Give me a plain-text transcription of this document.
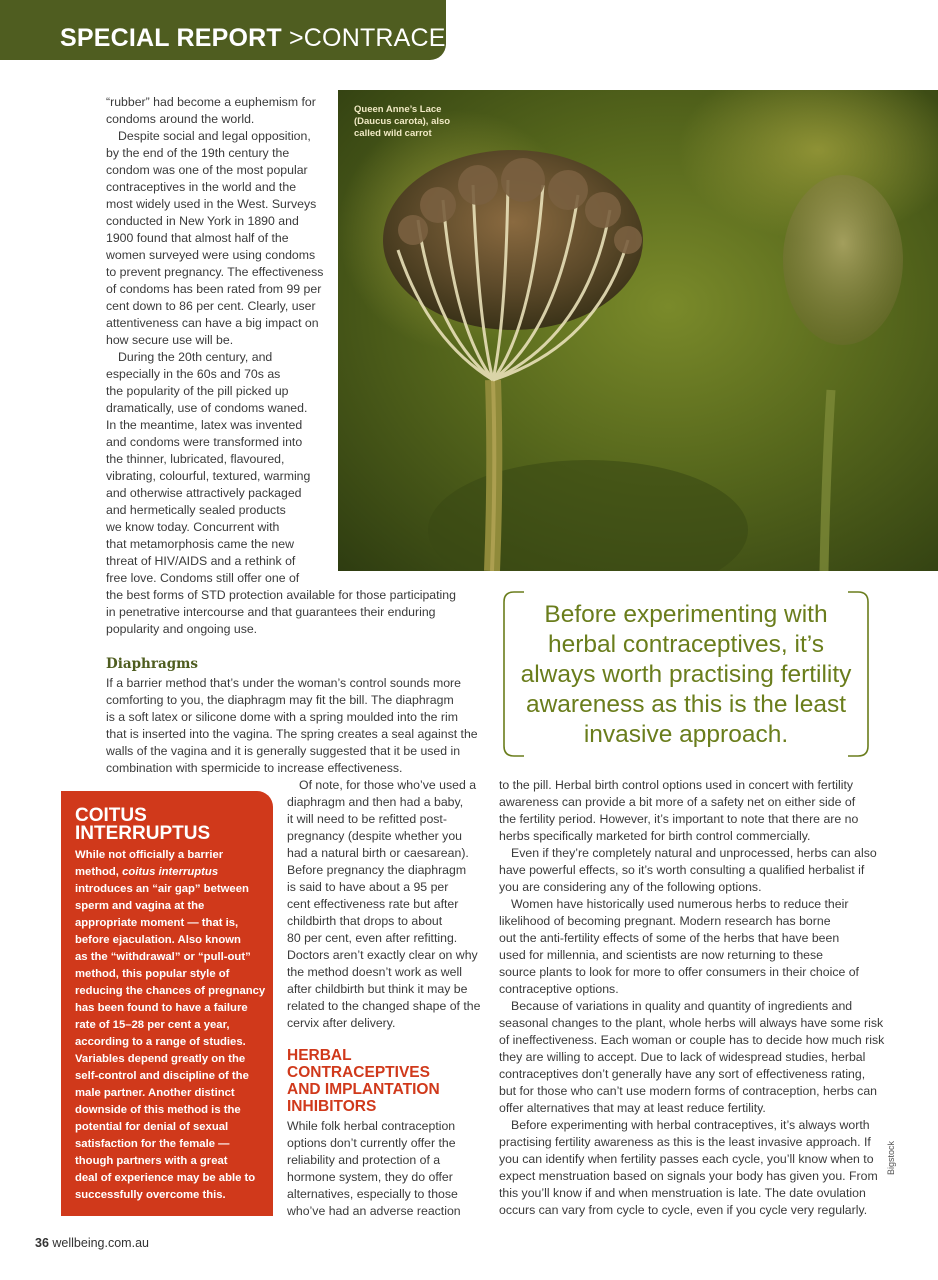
SPECIAL REPORT >CONTRACEPTION
Queen Anne’s Lace
(Daucus carota), also
called wild carrot
“rubber” had become a euphemism for
condoms around the world.
Despite social and legal opposition,
by the end of the 19th century the
condom was one of the most popular
contraceptives in the world and the
most widely used in the West. Surveys
conducted in New York in 1890 and
1900 found that almost half of the
women surveyed were using condoms
to prevent pregnancy. The effectiveness
of condoms has been rated from 99 per
cent down to 86 per cent. Clearly, user
attentiveness can have a big impact on
how secure use will be.
During the 20th century, and
especially in the 60s and 70s as
the popularity of the pill picked up
dramatically, use of condoms waned.
In the meantime, latex was invented
and condoms were transformed into
the thinner, lubricated, flavoured,
vibrating, colourful, textured, warming
and otherwise attractively packaged
and hermetically sealed products
we know today. Concurrent with
that metamorphosis came the new
threat of HIV/AIDS and a rethink of
free love. Condoms still offer one of
the best forms of STD protection available for those participating
in penetrative intercourse and that guarantees their enduring
popularity and ongoing use.
Diaphragms
If a barrier method that’s under the woman’s control sounds more
comforting to you, the diaphragm may fit the bill. The diaphragm
is a soft latex or silicone dome with a spring moulded into the rim
that is inserted into the vagina. The spring creates a seal against the
walls of the vagina and it is generally suggested that it be used in
combination with spermicide to increase effectiveness.
Before experimenting with
herbal contraceptives, it’s
always worth practising fertility
awareness as this is the least
invasive approach.
COITUS
INTERRUPTUS
While not officially a barrier
method, coitus interruptus
introduces an “air gap” between
sperm and vagina at the
appropriate moment — that is,
before ejaculation. Also known
as the “withdrawal” or “pull-out”
method, this popular style of
reducing the chances of pregnancy
has been found to have a failure
rate of 15–28 per cent a year,
according to a range of studies.
Variables depend greatly on the
self-control and discipline of the
male partner. Another distinct
downside of this method is the
potential for denial of sexual
satisfaction for the female —
though partners with a great
deal of experience may be able to
successfully overcome this.
Of note, for those who’ve used a
diaphragm and then had a baby,
it will need to be refitted post-
pregnancy (despite whether you
had a natural birth or caesarean).
Before pregnancy the diaphragm
is said to have about a 95 per
cent effectiveness rate but after
childbirth that drops to about
80 per cent, even after refitting.
Doctors aren’t exactly clear on why
the method doesn’t work as well
after childbirth but think it may be
related to the changed shape of the
cervix after delivery.
HERBAL
CONTRACEPTIVES
AND IMPLANTATION
INHIBITORS
While folk herbal contraception
options don’t currently offer the
reliability and protection of a
hormone system, they do offer
alternatives, especially to those
who’ve had an adverse reaction
to the pill. Herbal birth control options used in concert with fertility
awareness can provide a bit more of a safety net on either side of
the fertility period. However, it’s important to note that there are no
herbs specifically marketed for birth control commercially.
Even if they’re completely natural and unprocessed, herbs can also
have powerful effects, so it’s worth consulting a qualified herbalist if
you are considering any of the following options.
Women have historically used numerous herbs to reduce their
likelihood of becoming pregnant. Modern research has borne
out the anti-fertility effects of some of the herbs that have been
used for millennia, and scientists are now returning to these
source plants to look for more to offer consumers in their choice of
contraceptive options.
Because of variations in quality and quantity of ingredients and
seasonal changes to the plant, whole herbs will always have some risk
of ineffectiveness. Each woman or couple has to decide how much risk
they are willing to accept. Due to lack of widespread studies, herbal
contraceptives don’t generally have any sort of effectiveness rating,
but for those who can’t use modern forms of contraception, herbs can
offer alternatives that may at least reduce fertility.
Before experimenting with herbal contraceptives, it’s always worth
practising fertility awareness as this is the least invasive approach. If
you can identify when fertility passes each cycle, you’ll know when to
expect menstruation based on signals your body has given you. From
this you’ll know if and when menstruation is late. The date ovulation
occurs can vary from cycle to cycle, even if you cycle very regularly.
Bigstock
36 wellbeing.com.au
